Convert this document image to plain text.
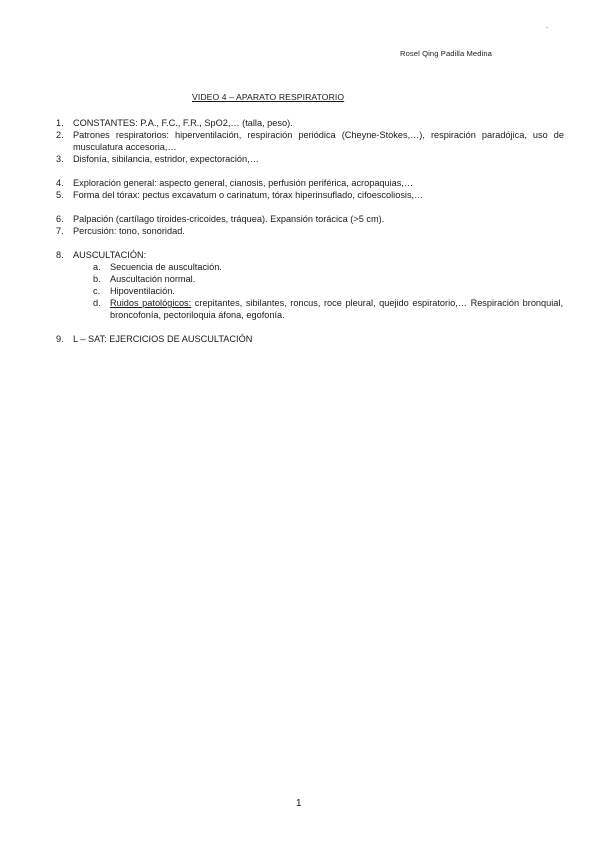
Rosel Qing Padilla Medina
VIDEO 4 – APARATO RESPIRATORIO
1.	CONSTANTES: P.A., F.C., F.R., SpO2,… (talla, peso).
2.	Patrones respiratorios: hiperventilación, respiración periódica (Cheyne-Stokes,…), respiración paradójica, uso de musculatura accesoria,…
3.	Disfonía, sibilancia, estridor, expectoración,…
4.	Exploración general: aspecto general, cianosis, perfusión periférica, acropaquias,…
5.	Forma del tórax: pectus excavatum o carinatum, tórax hiperinsuflado, cifoescoliosis,…
6.	Palpación (cartílago tiroides-cricoides, tráquea). Expansión torácica (>5 cm).
7.	Percusión: tono, sonoridad.
8.	AUSCULTACIÓN:
a.	Secuencia de auscultación.
b.	Auscultación normal.
c.	Hipoventilación.
d.	Ruidos patológicos: crepitantes, sibilantes, roncus, roce pleural, quejido espiratorio,… Respiración bronquial, broncofonía, pectoriloquia áfona, egofonía.
9.	L – SAT: EJERCICIOS DE AUSCULTACIÓN
1
